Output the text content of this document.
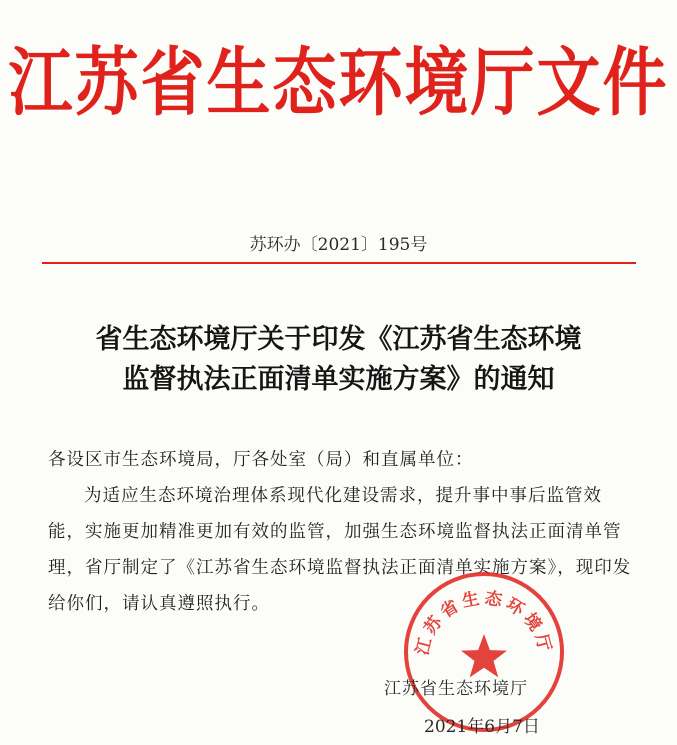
江苏省生态环境厅文件
苏环办〔2021〕195号
省生态环境厅关于印发《江苏省生态环境
监督执法正面清单实施方案》的通知
各设区市生态环境局，厅各处室（局）和直属单位：
为适应生态环境治理体系现代化建设需求，提升事中事后监管效能，实施更加精准更加有效的监管，加强生态环境监督执法正面清单管理，省厅制定了《江苏省生态环境监督执法正面清单实施方案》，现印发给你们，请认真遵照执行。
江苏省生态环境厅
江苏省生态环境厅
2021年6月7日
